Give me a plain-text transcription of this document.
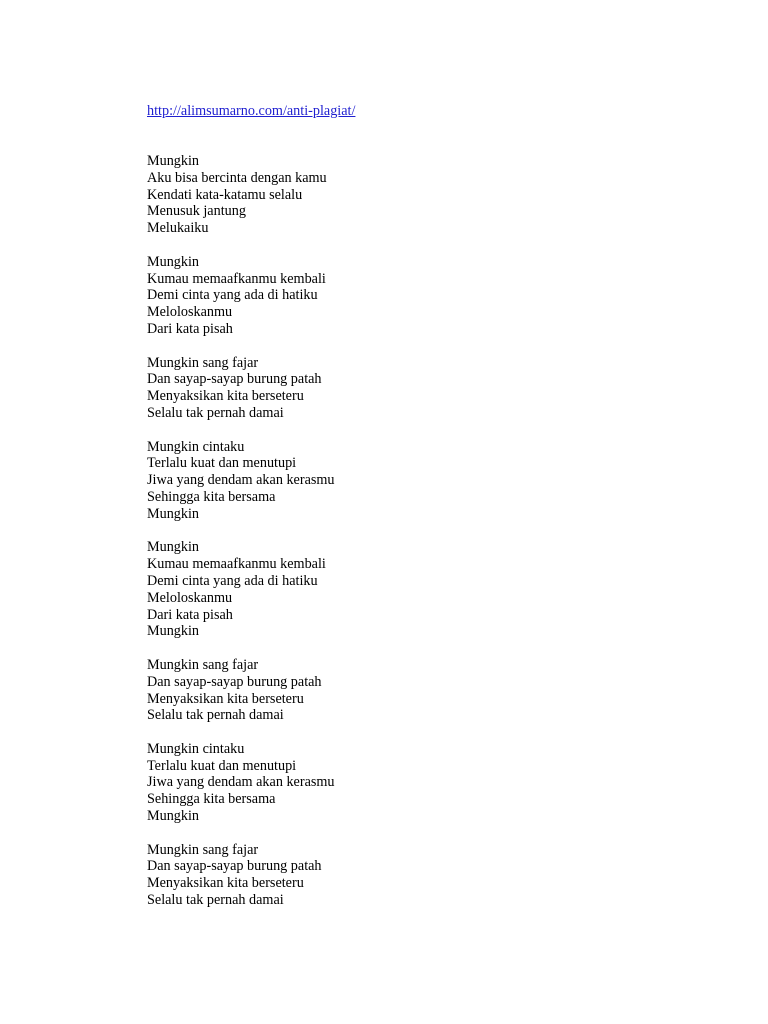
http://alimsumarno.com/anti-plagiat/
Mungkin
Aku bisa bercinta dengan kamu
Kendati kata-katamu selalu
Menusuk jantung
Melukaiku
Mungkin
Kumau memaafkanmu kembali
Demi cinta yang ada di hatiku
Meloloskanmu
Dari kata pisah
Mungkin sang fajar
Dan sayap-sayap burung patah
Menyaksikan kita berseteru
Selalu tak pernah damai
Mungkin cintaku
Terlalu kuat dan menutupi
Jiwa yang dendam akan kerasmu
Sehingga kita bersama
Mungkin
Mungkin
Kumau memaafkanmu kembali
Demi cinta yang ada di hatiku
Meloloskanmu
Dari kata pisah
Mungkin
Mungkin sang fajar
Dan sayap-sayap burung patah
Menyaksikan kita berseteru
Selalu tak pernah damai
Mungkin cintaku
Terlalu kuat dan menutupi
Jiwa yang dendam akan kerasmu
Sehingga kita bersama
Mungkin
Mungkin sang fajar
Dan sayap-sayap burung patah
Menyaksikan kita berseteru
Selalu tak pernah damai
